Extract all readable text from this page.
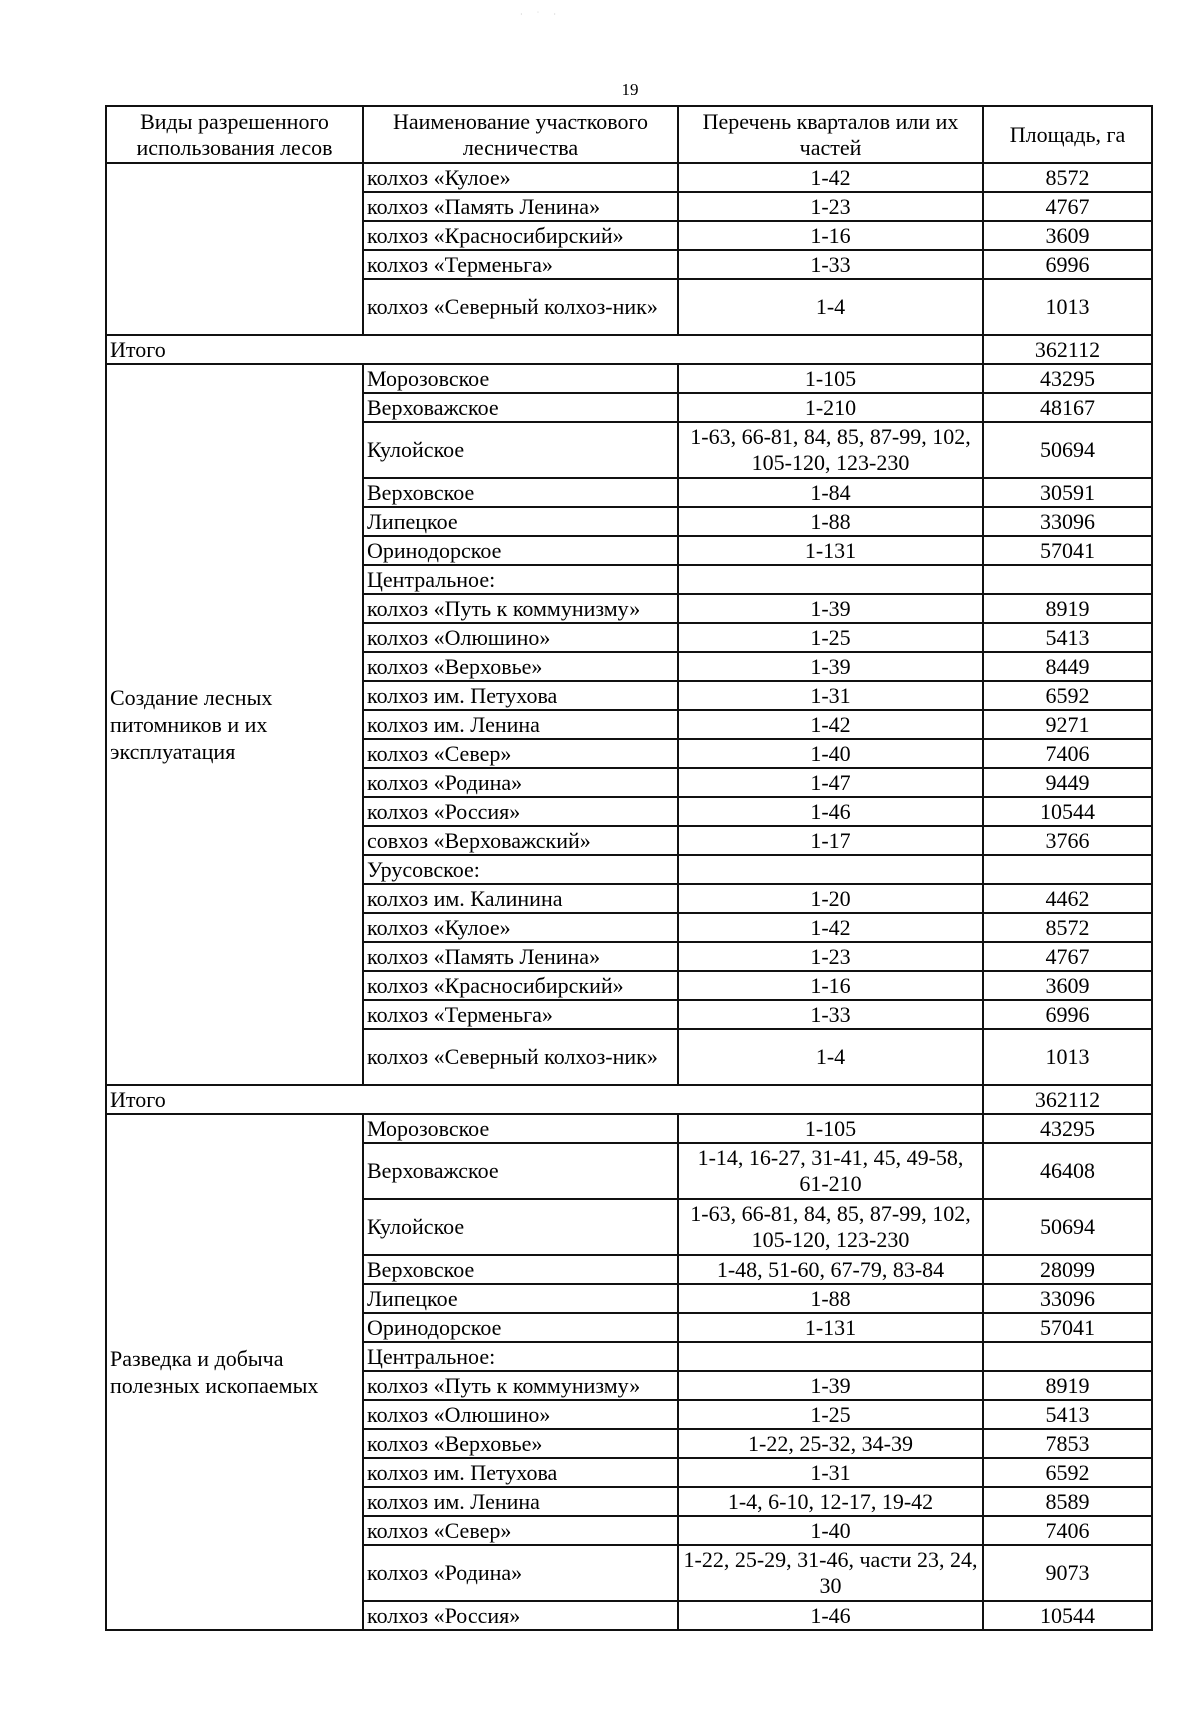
· ˙ ·
19
Виды разрешенного использования лесов	Наименование участкового лесничества	Перечень кварталов или их частей	Площадь, га
	колхоз «Кулое»	1-42	8572
	колхоз «Память Ленина»	1-23	4767
	колхоз «Красносибирский»	1-16	3609
	колхоз «Терменьга»	1-33	6996
	колхоз «Северный колхоз-ник»	1-4	1013
Итого			362112
Создание лесных питомников и их эксплуатация	Морозовское	1-105	43295
	Верховажское	1-210	48167
	Кулойское	1-63, 66-81, 84, 85, 87-99, 102, 105-120, 123-230	50694
	Верховское	1-84	30591
	Липецкое	1-88	33096
	Оринодорское	1-131	57041
	Центральное:		
	колхоз «Путь к коммунизму»	1-39	8919
	колхоз «Олюшино»	1-25	5413
	колхоз «Верховье»	1-39	8449
	колхоз им. Петухова	1-31	6592
	колхоз им. Ленина	1-42	9271
	колхоз «Север»	1-40	7406
	колхоз «Родина»	1-47	9449
	колхоз «Россия»	1-46	10544
	совхоз «Верховажский»	1-17	3766
	Урусовское:		
	колхоз им. Калинина	1-20	4462
	колхоз «Кулое»	1-42	8572
	колхоз «Память Ленина»	1-23	4767
	колхоз «Красносибирский»	1-16	3609
	колхоз «Терменьга»	1-33	6996
	колхоз «Северный колхоз-ник»	1-4	1013
Итого			362112
Разведка и добыча полезных ископаемых	Морозовское	1-105	43295
	Верховажское	1-14, 16-27, 31-41, 45, 49-58, 61-210	46408
	Кулойское	1-63, 66-81, 84, 85, 87-99, 102, 105-120, 123-230	50694
	Верховское	1-48, 51-60, 67-79, 83-84	28099
	Липецкое	1-88	33096
	Оринодорское	1-131	57041
	Центральное:		
	колхоз «Путь к коммунизму»	1-39	8919
	колхоз «Олюшино»	1-25	5413
	колхоз «Верховье»	1-22, 25-32, 34-39	7853
	колхоз им. Петухова	1-31	6592
	колхоз им. Ленина	1-4, 6-10, 12-17, 19-42	8589
	колхоз «Север»	1-40	7406
	колхоз «Родина»	1-22, 25-29, 31-46, части 23, 24, 30	9073
	колхоз «Россия»	1-46	10544
